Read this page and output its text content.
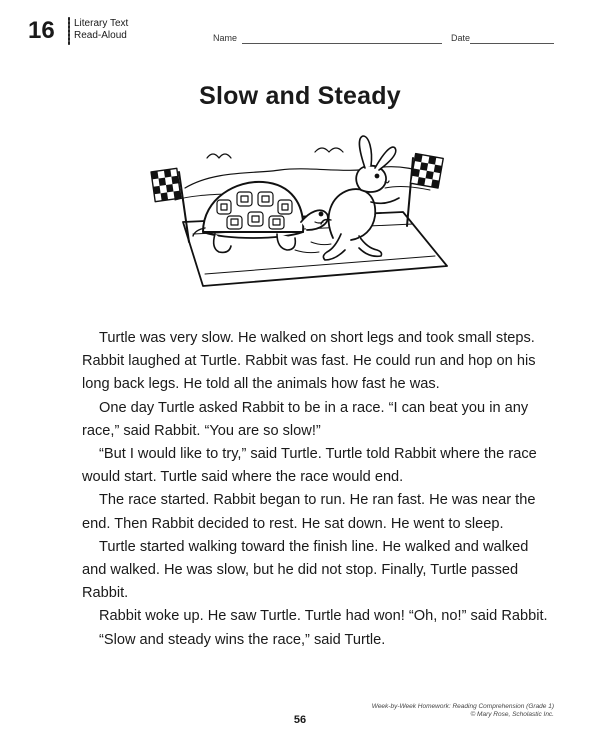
16 Literary Text
Read-Aloud	Name	Date
Slow and Steady

Turtle was very slow. He walked on short legs and took small steps. Rabbit laughed at Turtle. Rabbit was fast. He could run and hop on his long back legs. He told all the animals how fast he was.

One day Turtle asked Rabbit to be in a race. “I can beat you in any race,” said Rabbit. “You are so slow!”

“But I would like to try,” said Turtle. Turtle told Rabbit where the race would start. Turtle said where the race would end.

The race started. Rabbit began to run. He ran fast. He was near the end. Then Rabbit decided to rest. He sat down. He went to sleep.

Turtle started walking toward the finish line. He walked and walked and walked. He was slow, but he did not stop. Finally, Turtle passed Rabbit.

Rabbit woke up. He saw Turtle. Turtle had won! “Oh, no!” said Rabbit.

“Slow and steady wins the race,” said Turtle.

Week-by-Week Homework: Reading Comprehension (Grade 1)
© Mary Rose, Scholastic Inc.
56
